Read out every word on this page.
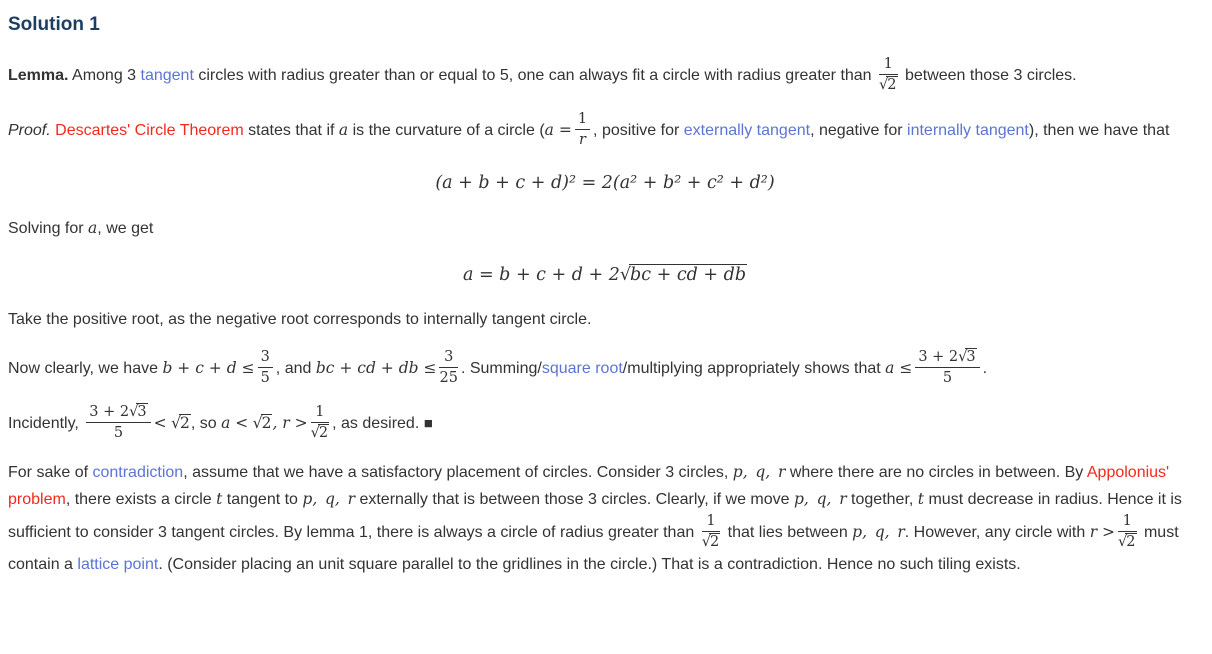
Solution 1

Lemma. Among 3 tangent circles with radius greater than or equal to 5, one can always fit a circle with radius greater than $\frac{1}{√2}$ between those 3 circles.

Proof. Descartes' Circle Theorem states that if a is the curvature of a circle ($a = \frac{1}{r}$ , positive for externally tangent, negative for internally tangent), then we have that

(a + b + c + d)² = 2(a² + b² + c² + d²)

Solving for a, we get

a = b + c + d + 2√bc + cd + db

Take the positive root, as the negative root corresponds to internally tangent circle.

Now clearly, we have $b + c + d \le \frac{3}{5}$ , and bc + cd + db ≤ $\frac{3}{25}$ . Summing/square root/multiplying appropriately shows that $a \le \frac{3 + 2√3}{5}$ .

Incidently, $\frac{3 + 2√3}{5} < √2$, so a < √2, $r > \frac{1}{√2}$ , as desired. ■

For sake of contradiction, assume that we have a satisfactory placement of circles. Consider 3 circles, p, q, r where there are no circles in between. By Appolonius' problem, there exists a circle t tangent to p, q, r externally that is between those 3 circles. Clearly, if we move p, q, r together, t must decrease in radius. Hence it is sufficient to consider 3 tangent circles. By lemma 1, there is always a circle of radius greater than $\frac{1}{√2}$ that lies between p, q, r. However, any circle with $r > \frac{1}{√2}$ must contain a lattice point. (Consider placing an unit square parallel to the gridlines in the circle.) That is a contradiction. Hence no such tiling exists.
